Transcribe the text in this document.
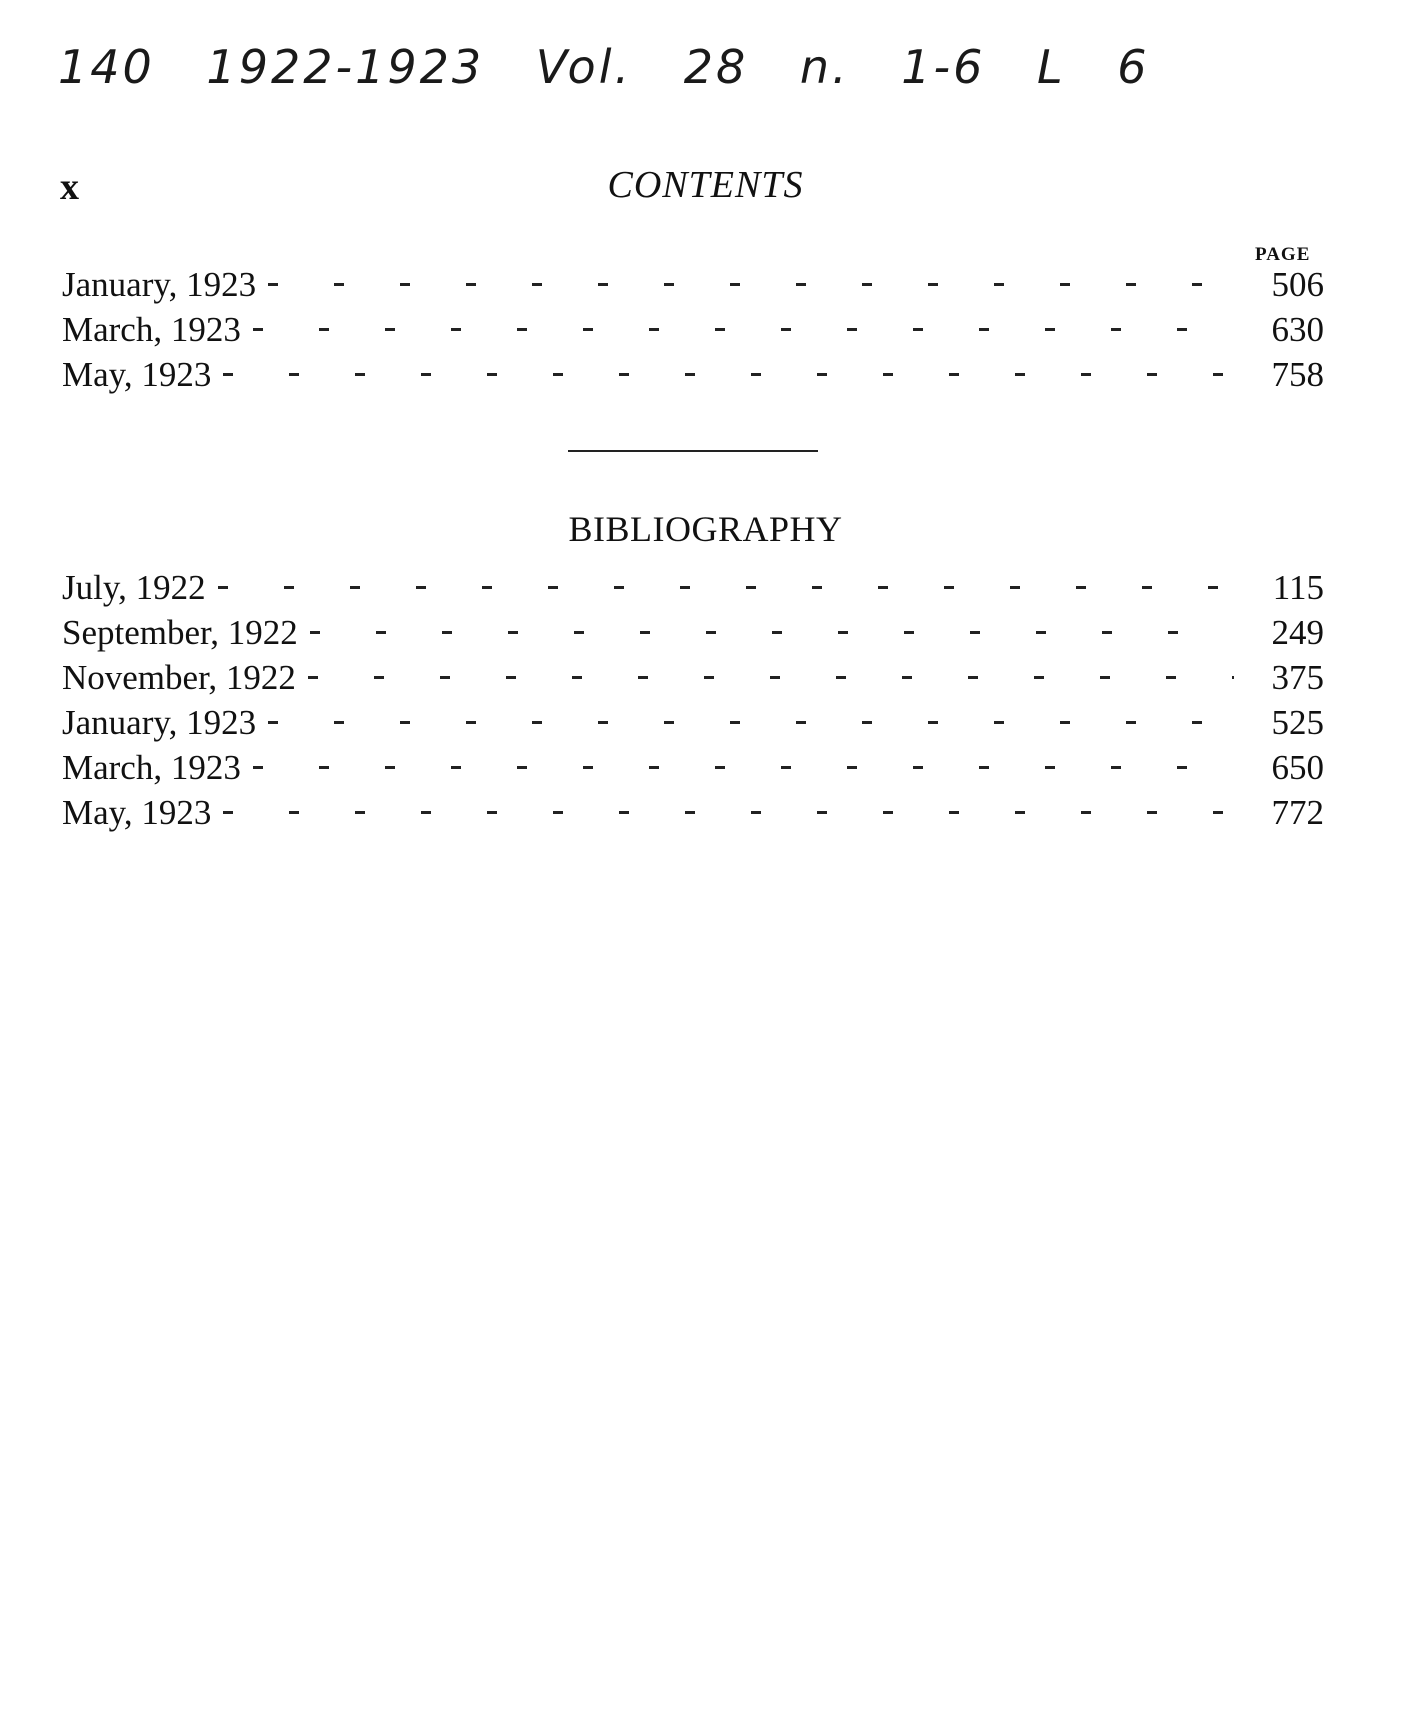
140 1922-1923 Vol. 28 n. 1-6 L 6
x	CONTENTS
PAGE
January, 1923	506
March, 1923	630
May, 1923	758
BIBLIOGRAPHY
July, 1922	115
September, 1922	249
November, 1922	375
January, 1923	525
March, 1923	650
May, 1923	772
